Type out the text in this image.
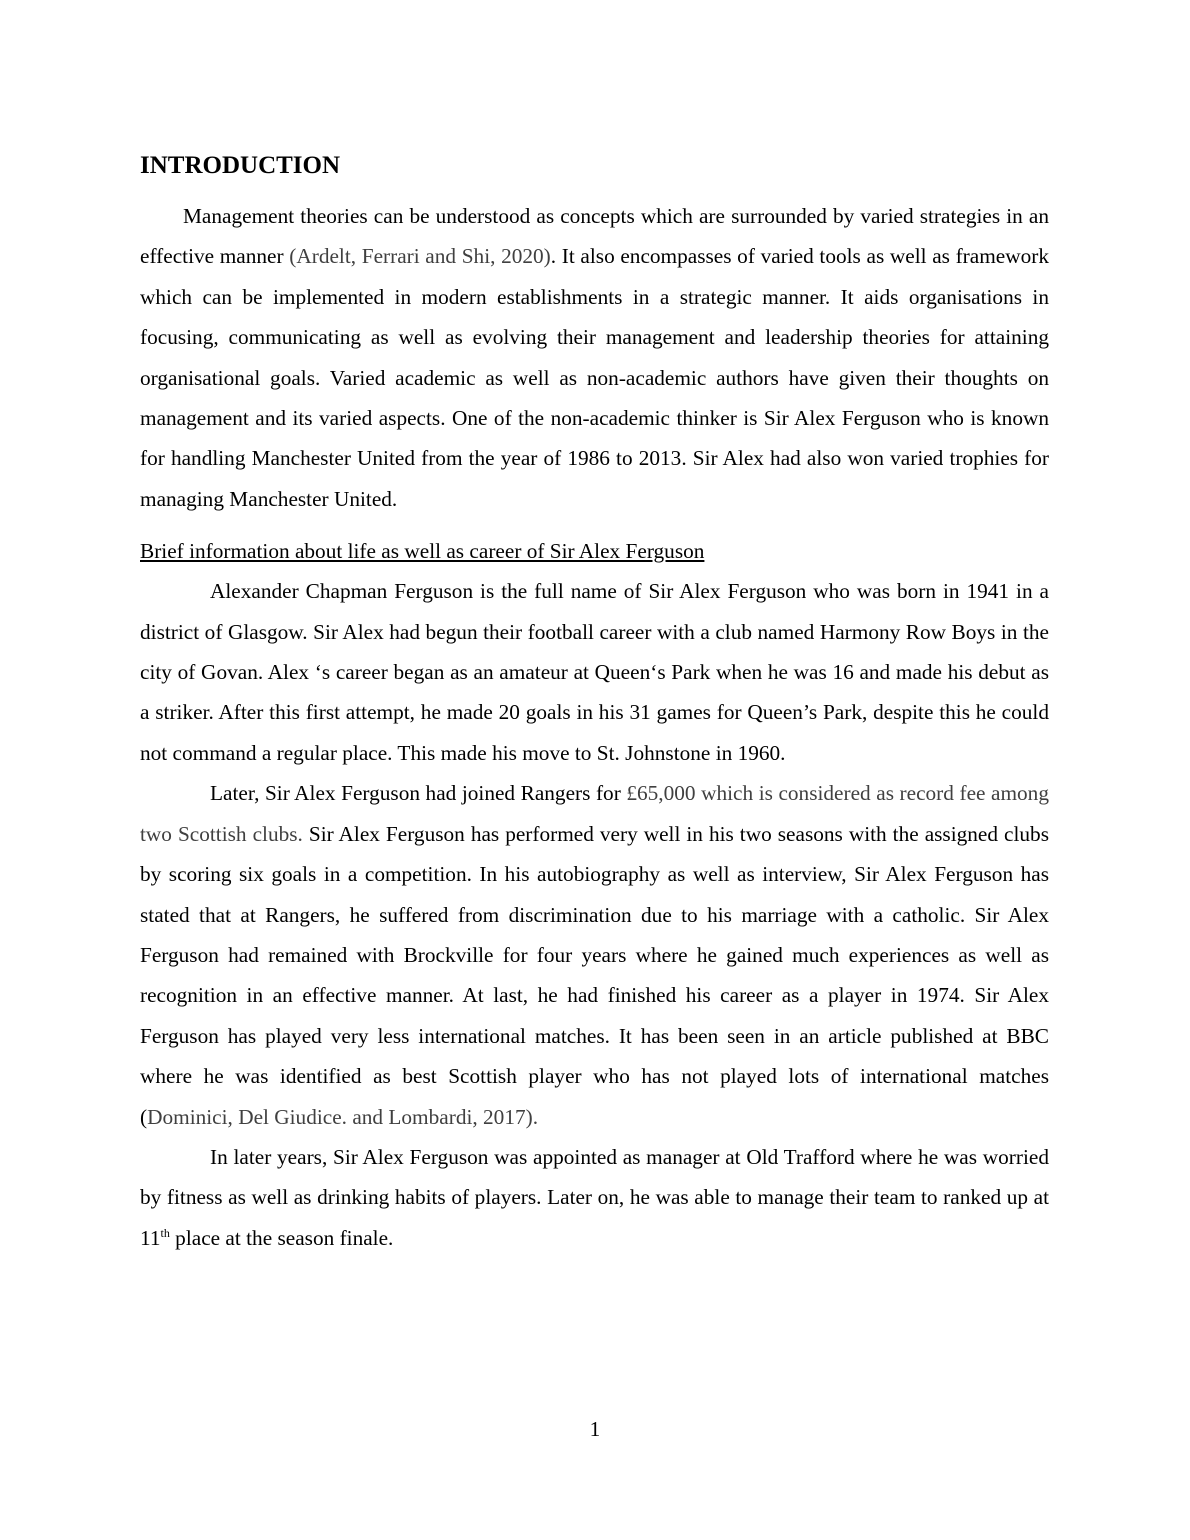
INTRODUCTION

Management theories can be understood as concepts which are surrounded by varied strategies in an effective manner (Ardelt, Ferrari and Shi, 2020). It also encompasses of varied tools as well as framework which can be implemented in modern establishments in a strategic manner. It aids organisations in focusing, communicating as well as evolving their management and leadership theories for attaining organisational goals. Varied academic as well as non-academic authors have given their thoughts on management and its varied aspects. One of the non-academic thinker is Sir Alex Ferguson who is known for handling Manchester United from the year of 1986 to 2013. Sir Alex had also won varied trophies for managing Manchester United.

Brief information about life as well as career of Sir Alex Ferguson

Alexander Chapman Ferguson is the full name of Sir Alex Ferguson who was born in 1941 in a district of Glasgow. Sir Alex had begun their football career with a club named Harmony Row Boys in the city of Govan. Alex ‘s career began as an amateur at Queen‘s Park when he was 16 and made his debut as a striker. After this first attempt, he made 20 goals in his 31 games for Queen’s Park, despite this he could not command a regular place. This made his move to St. Johnstone in 1960.

Later, Sir Alex Ferguson had joined Rangers for £65,000 which is considered as record fee among two Scottish clubs. Sir Alex Ferguson has performed very well in his two seasons with the assigned clubs by scoring six goals in a competition. In his autobiography as well as interview, Sir Alex Ferguson has stated that at Rangers, he suffered from discrimination due to his marriage with a catholic. Sir Alex Ferguson had remained with Brockville for four years where he gained much experiences as well as recognition in an effective manner. At last, he had finished his career as a player in 1974. Sir Alex Ferguson has played very less international matches. It has been seen in an article published at BBC where he was identified as best Scottish player who has not played lots of international matches (Dominici, Del Giudice. and Lombardi, 2017).

In later years, Sir Alex Ferguson was appointed as manager at Old Trafford where he was worried by fitness as well as drinking habits of players. Later on, he was able to manage their team to ranked up at 11th place at the season finale.

1
